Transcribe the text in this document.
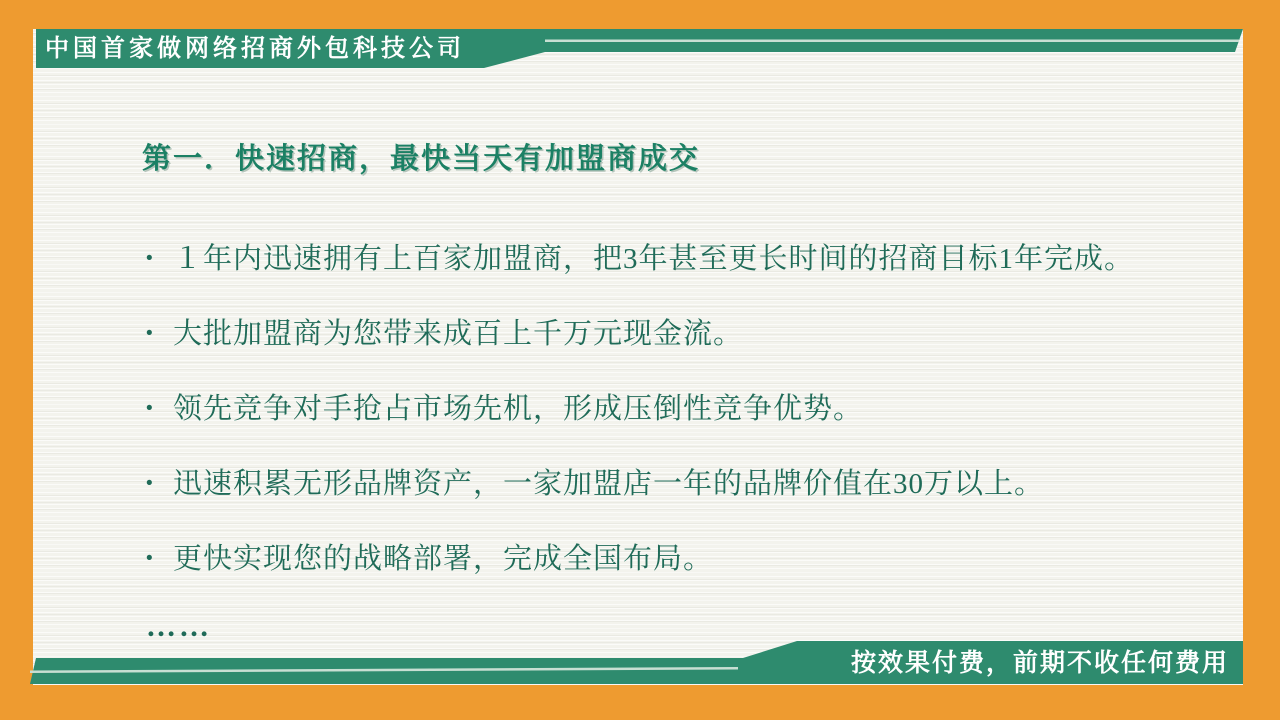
中国首家做网络招商外包科技公司
第一．快速招商，最快当天有加盟商成交
• １年内迅速拥有上百家加盟商，把3年甚至更长时间的招商目标1年完成。
• 大批加盟商为您带来成百上千万元现金流。
• 领先竞争对手抢占市场先机，形成压倒性竞争优势。
• 迅速积累无形品牌资产，一家加盟店一年的品牌价值在30万以上。
• 更快实现您的战略部署，完成全国布局。
……
按效果付费，前期不收任何费用
